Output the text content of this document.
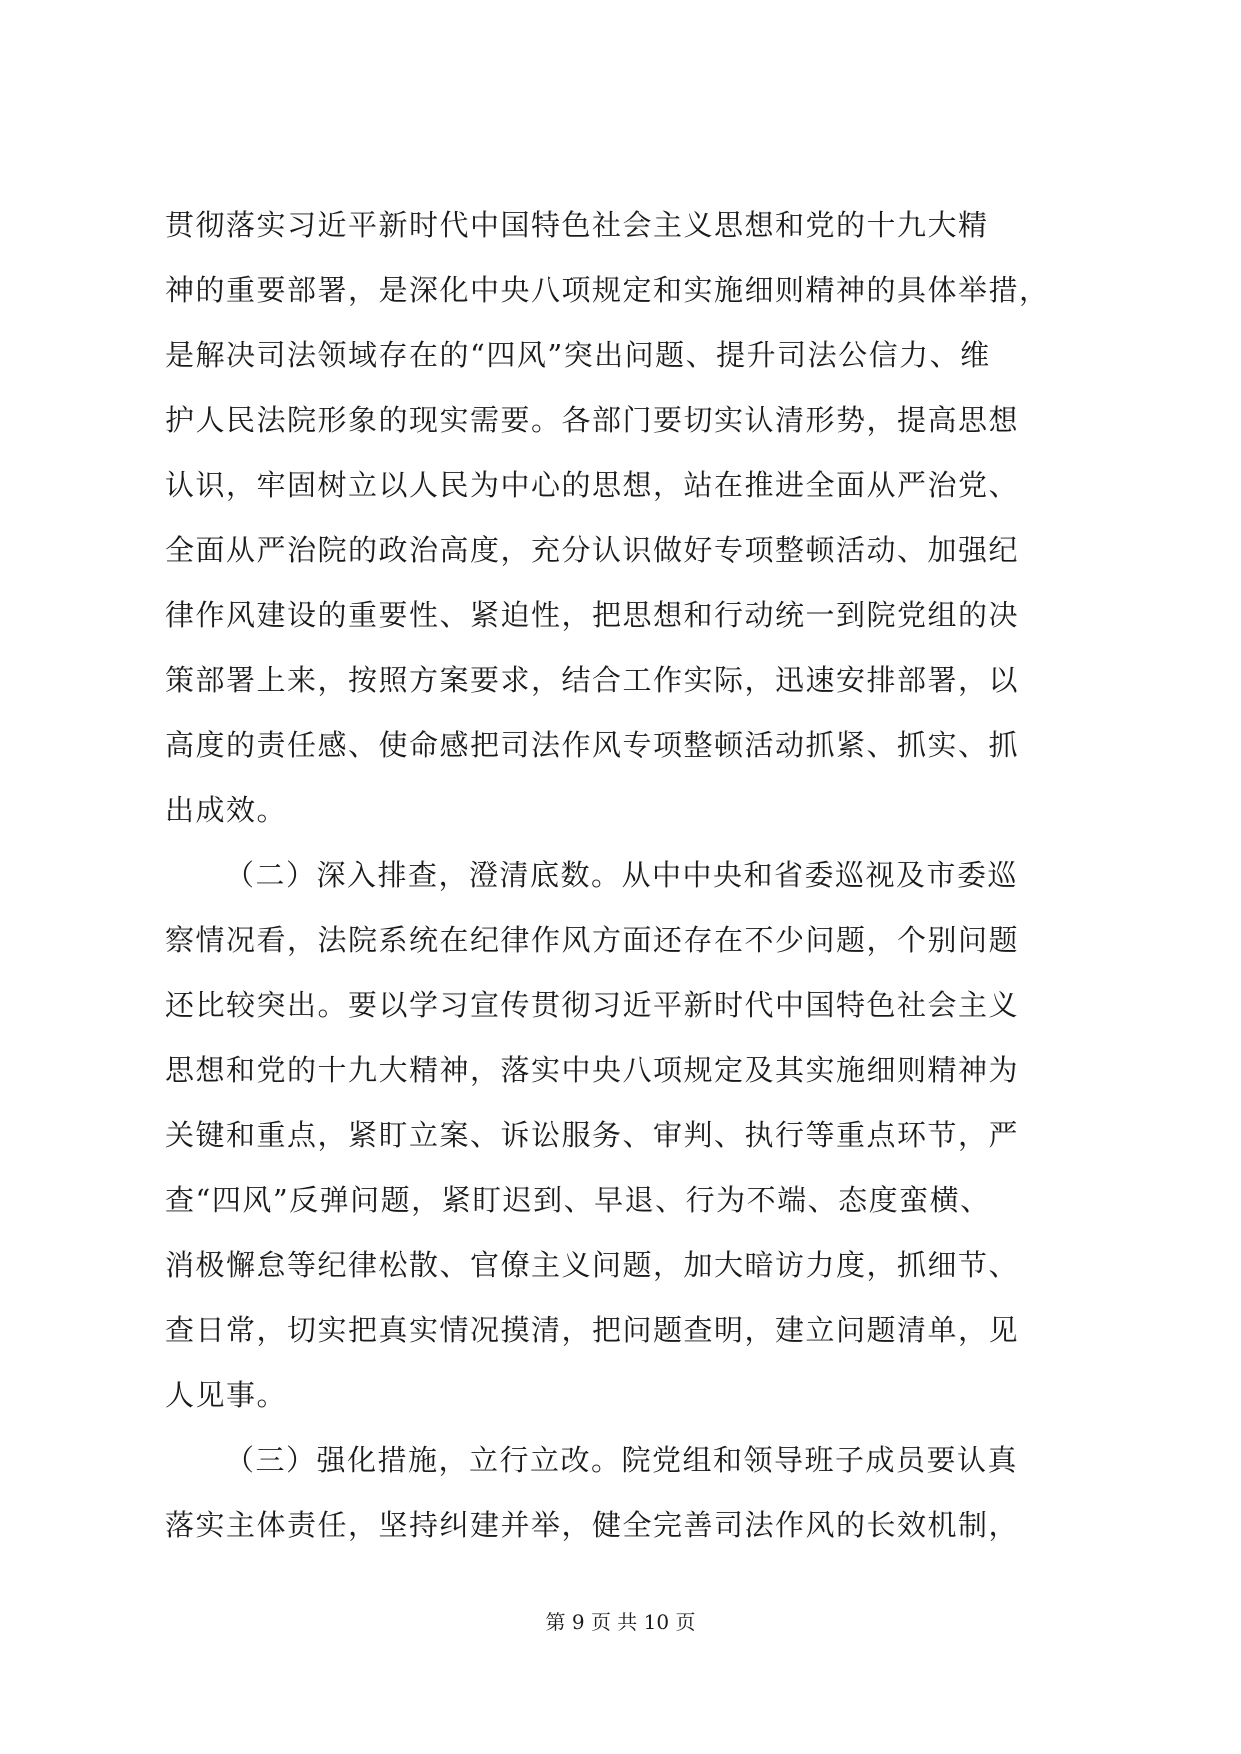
贯彻落实习近平新时代中国特色社会主义思想和党的十九大精
神的重要部署，是深化中央八项规定和实施细则精神的具体举措，
是解决司法领域存在的“四风”突出问题、提升司法公信力、维
护人民法院形象的现实需要。各部门要切实认清形势，提高思想
认识，牢固树立以人民为中心的思想，站在推进全面从严治党、
全面从严治院的政治高度，充分认识做好专项整顿活动、加强纪
律作风建设的重要性、紧迫性，把思想和行动统一到院党组的决
策部署上来，按照方案要求，结合工作实际，迅速安排部署，以
高度的责任感、使命感把司法作风专项整顿活动抓紧、抓实、抓
出成效。
（二）深入排查，澄清底数。从中中央和省委巡视及市委巡
察情况看，法院系统在纪律作风方面还存在不少问题，个别问题
还比较突出。要以学习宣传贯彻习近平新时代中国特色社会主义
思想和党的十九大精神，落实中央八项规定及其实施细则精神为
关键和重点，紧盯立案、诉讼服务、审判、执行等重点环节，严
查“四风”反弹问题，紧盯迟到、早退、行为不端、态度蛮横、
消极懈怠等纪律松散、官僚主义问题，加大暗访力度，抓细节、
查日常，切实把真实情况摸清，把问题查明，建立问题清单，见
人见事。
（三）强化措施，立行立改。院党组和领导班子成员要认真
落实主体责任，坚持纠建并举，健全完善司法作风的长效机制，
第 9 页 共 10 页
